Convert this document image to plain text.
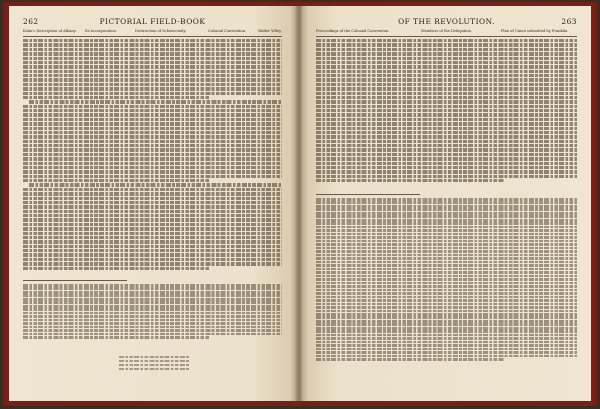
262	PICTORIAL FIELD-BOOK
Kalm's Description of Albany. Its Incorporation.	Destruction of Schenectady.	Colonial Convention.	Walter Wiley.
OF THE REVOLUTION.	263
Proceedings of the Colonial Convention.	Members of the Delegation.	Plan of Union submitted by Franklin.
